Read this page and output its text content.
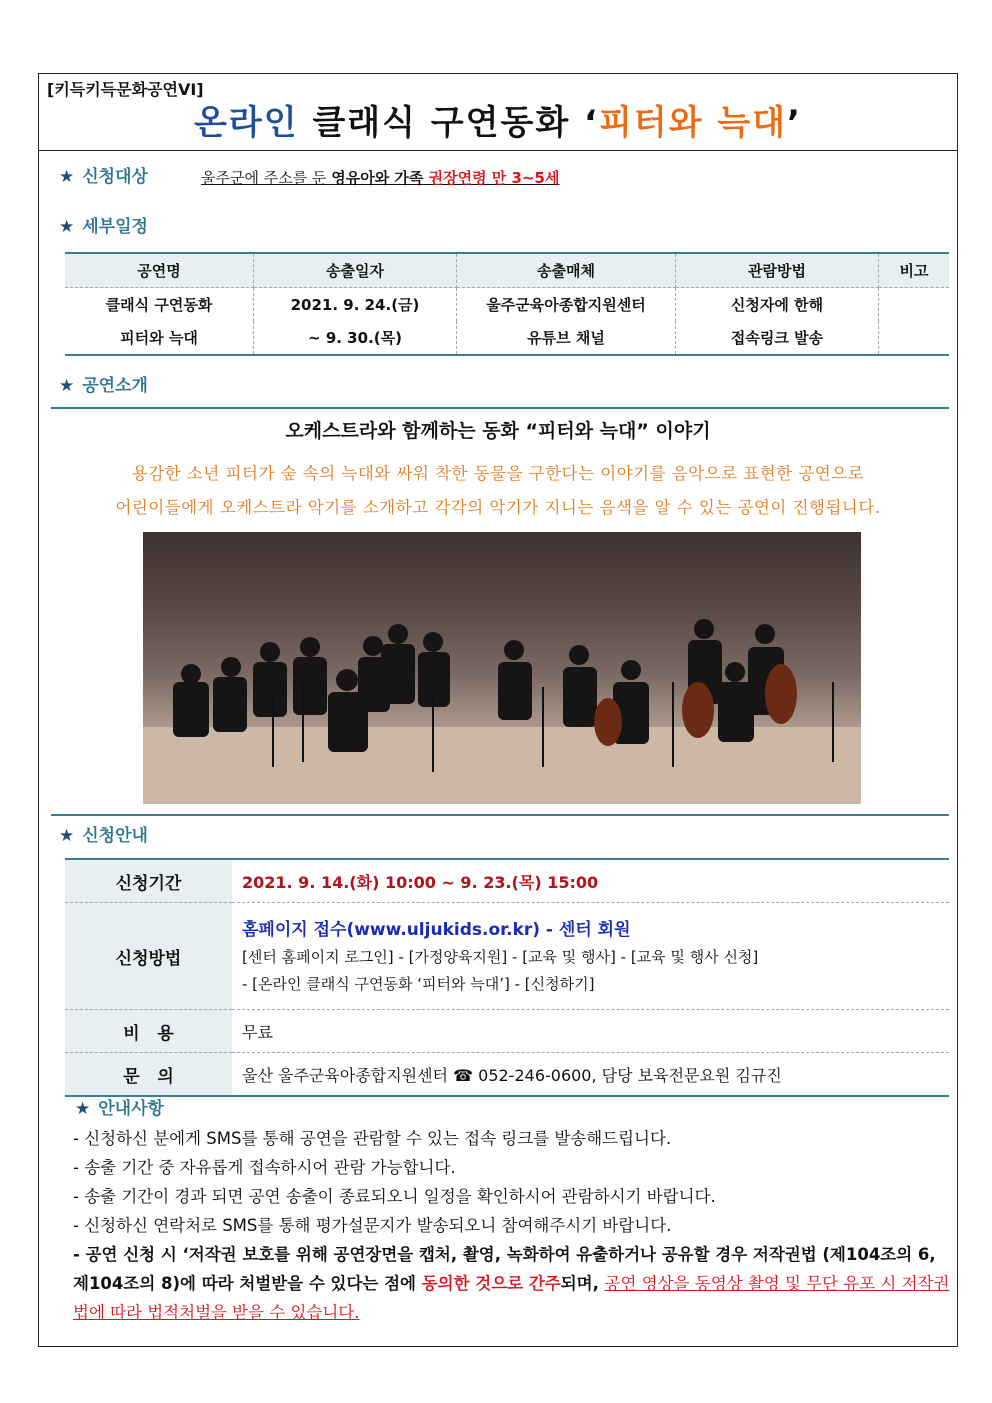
[키득키득문화공연VI]
온라인 클래식 구연동화 ‘피터와 늑대’
★ 신청대상	울주군에 주소를 둔 영유아와 가족 권장연령 만 3~5세
★ 세부일정
공연명	송출일자	송출매체	관람방법	비고
클래식 구연동화	2021. 9. 24.(금)	울주군육아종합지원센터	신청자에 한해	
피터와 늑대	~ 9. 30.(목)	유튜브 채널	접속링크 발송	
★ 공연소개
오케스트라와 함께하는 동화 “피터와 늑대” 이야기
용감한 소년 피터가 숲 속의 늑대와 싸워 착한 동물을 구한다는 이야기를 음악으로 표현한 공연으로
어린이들에게 오케스트라 악기를 소개하고 각각의 악기가 지니는 음색을 알 수 있는 공연이 진행됩니다.
★ 신청안내
신청기간	2021. 9. 14.(화) 10:00 ~ 9. 23.(목) 15:00
신청방법	홈페이지 접수(www.uljukids.or.kr) - 센터 회원
[센터 홈페이지 로그인] - [가정양육지원] - [교육 및 행사] - [교육 및 행사 신청]
- [온라인 클래식 구연동화 ‘피터와 늑대’] - [신청하기]

비   용	무료
문   의	울산 울주군육아종합지원센터 ☎ 052-246-0600, 담당 보육전문요원 김규진
★ 안내사항
- 신청하신 분에게 SMS를 통해 공연을 관람할 수 있는 접속 링크를 발송해드립니다.
- 송출 기간 중 자유롭게 접속하시어 관람 가능합니다.
- 송출 기간이 경과 되면 공연 송출이 종료되오니 일정을 확인하시어 관람하시기 바랍니다.
- 신청하신 연락처로 SMS를 통해 평가설문지가 발송되오니 참여해주시기 바랍니다.
- 공연 신청 시 ‘저작권 보호를 위해 공연장면을 캡처, 촬영, 녹화하여 유출하거나 공유할 경우 저작권법 (제104조의 6, 제104조의 8)에 따라 처벌받을 수 있다는 점에 동의한 것으로 간주되며, 공연 영상을 동영상 촬영 및 무단 유포 시 저작권법에 따라 법적처벌을 받을 수 있습니다.
